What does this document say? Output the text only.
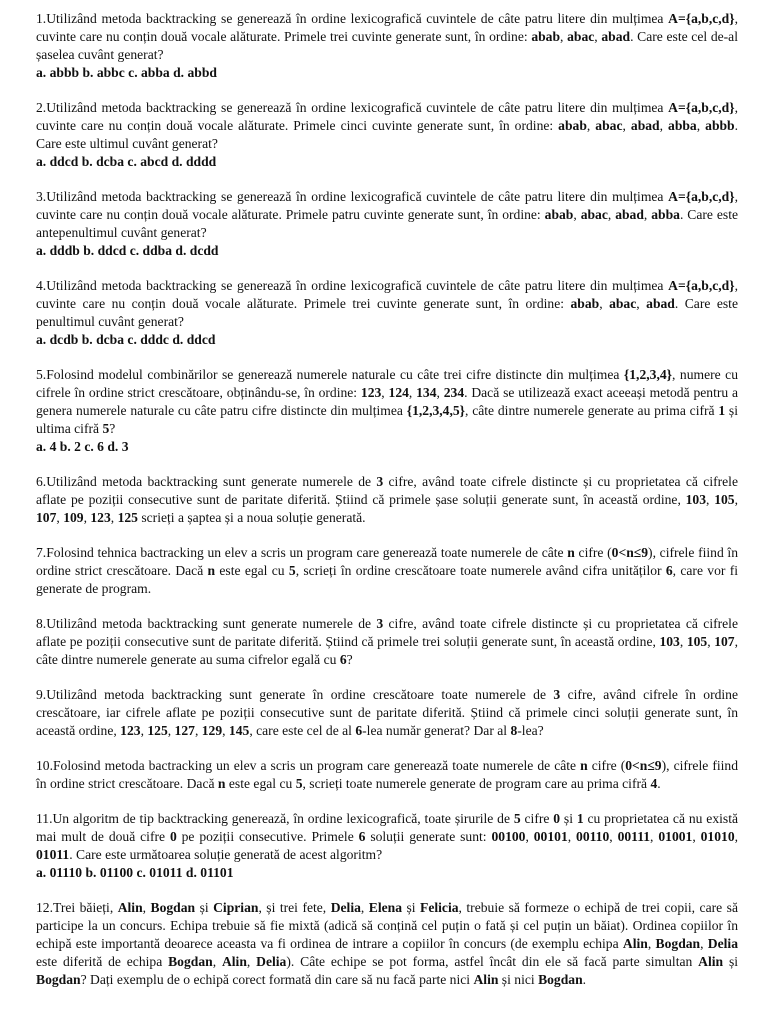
1.Utilizând metoda backtracking se generează în ordine lexicografică cuvintele de câte patru litere din mulțimea A={a,b,c,d}, cuvinte care nu conțin două vocale alăturate. Primele trei cuvinte generate sunt, în ordine: abab, abac, abad. Care este cel de-al șaselea cuvânt generat?

a. abbb b. abbc c. abba d. abbd

2.Utilizând metoda backtracking se generează în ordine lexicografică cuvintele de câte patru litere din mulțimea A={a,b,c,d}, cuvinte care nu conțin două vocale alăturate. Primele cinci cuvinte generate sunt, în ordine: abab, abac, abad, abba, abbb. Care este ultimul cuvânt generat?

a. ddcd b. dcba c. abcd d. dddd

3.Utilizând metoda backtracking se generează în ordine lexicografică cuvintele de câte patru litere din mulțimea A={a,b,c,d}, cuvinte care nu conțin două vocale alăturate. Primele patru cuvinte generate sunt, în ordine: abab, abac, abad, abba. Care este antepenultimul cuvânt generat?

a. dddb b. ddcd c. ddba d. dcdd

4.Utilizând metoda backtracking se generează în ordine lexicografică cuvintele de câte patru litere din mulțimea A={a,b,c,d}, cuvinte care nu conțin două vocale alăturate. Primele trei cuvinte generate sunt, în ordine: abab, abac, abad. Care este penultimul cuvânt generat?

a. dcdb b. dcba c. dddc d. ddcd

5.Folosind modelul combinărilor se generează numerele naturale cu câte trei cifre distincte din mulțimea {1,2,3,4}, numere cu cifrele în ordine strict crescătoare, obținându-se, în ordine: 123, 124, 134, 234. Dacă se utilizează exact aceeași metodă pentru a genera numerele naturale cu câte patru cifre distincte din mulțimea {1,2,3,4,5}, câte dintre numerele generate au prima cifră 1 și ultima cifră 5?

a. 4 b. 2 c. 6 d. 3

6.Utilizând metoda backtracking sunt generate numerele de 3 cifre, având toate cifrele distincte și cu proprietatea că cifrele aflate pe poziții consecutive sunt de paritate diferită. Știind că primele șase soluții generate sunt, în această ordine, 103, 105, 107, 109, 123, 125 scrieți a șaptea și a noua soluție generată.

7.Folosind tehnica bactracking un elev a scris un program care generează toate numerele de câte n cifre (0<n≤9), cifrele fiind în ordine strict crescătoare. Dacă n este egal cu 5, scrieți în ordine crescătoare toate numerele având cifra unităților 6, care vor fi generate de program.

8.Utilizând metoda backtracking sunt generate numerele de 3 cifre, având toate cifrele distincte și cu proprietatea că cifrele aflate pe poziții consecutive sunt de paritate diferită. Știind că primele trei soluții generate sunt, în această ordine, 103, 105, 107, câte dintre numerele generate au suma cifrelor egală cu 6?

9.Utilizând metoda backtracking sunt generate în ordine crescătoare toate numerele de 3 cifre, având cifrele în ordine crescătoare, iar cifrele aflate pe poziții consecutive sunt de paritate diferită. Știind că primele cinci soluții generate sunt, în această ordine, 123, 125, 127, 129, 145, care este cel de al 6-lea număr generat? Dar al 8-lea?

10.Folosind metoda bactracking un elev a scris un program care generează toate numerele de câte n cifre (0<n≤9), cifrele fiind în ordine strict crescătoare. Dacă n este egal cu 5, scrieți toate numerele generate de program care au prima cifră 4.

11.Un algoritm de tip backtracking generează, în ordine lexicografică, toate șirurile de 5 cifre 0 și 1 cu proprietatea că nu există mai mult de două cifre 0 pe poziții consecutive. Primele 6 soluții generate sunt: 00100, 00101, 00110, 00111, 01001, 01010, 01011. Care este următoarea soluție generată de acest algoritm?

a. 01110 b. 01100 c. 01011 d. 01101

12.Trei băieți, Alin, Bogdan și Ciprian, și trei fete, Delia, Elena și Felicia, trebuie să formeze o echipă de trei copii, care să participe la un concurs. Echipa trebuie să fie mixtă (adică să conțină cel puțin o fată și cel puțin un băiat). Ordinea copiilor în echipă este importantă deoarece aceasta va fi ordinea de intrare a copiilor în concurs (de exemplu echipa Alin, Bogdan, Delia este diferită de echipa Bogdan, Alin, Delia). Câte echipe se pot forma, astfel încât din ele să facă parte simultan Alin și Bogdan? Dați exemplu de o echipă corect formată din care să nu facă parte nici Alin și nici Bogdan.
